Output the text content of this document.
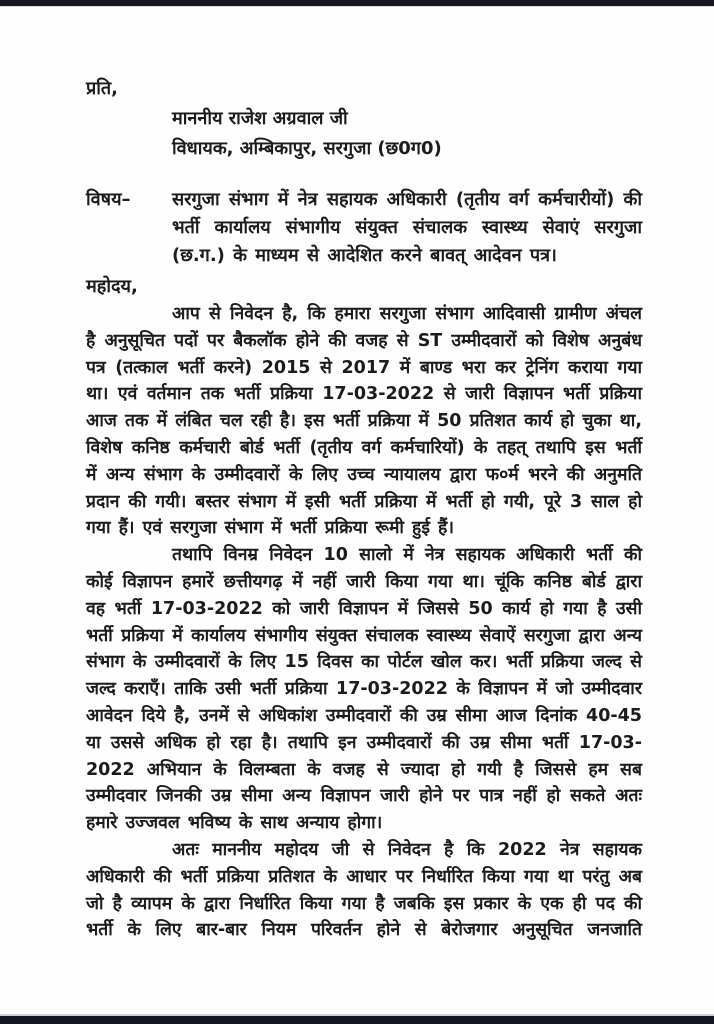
प्रति,
माननीय राजेश अग्रवाल जी
विधायक, अम्बिकापुर, सरगुजा (छ0ग0)
विषय–	सरगुजा संभाग में नेत्र सहायक अधिकारी (तृतीय वर्ग कर्मचारीयों) की भर्ती कार्यालय संभागीय संयुक्त संचालक स्वास्थ्य सेवाएं सरगुजा (छ.ग.) के माध्यम से आदेशित करने बावत् आदेवन पत्र।
महोदय,

आप से निवेदन है, कि हमारा सरगुजा संभाग आदिवासी ग्रामीण अंचल है अनुसूचित पदों पर बैकलॉक होने की वजह से ST उम्मीदवारों को विशेष अनुबंध पत्र (तत्काल भर्ती करने) 2015 से 2017 में बाण्ड भरा कर ट्रेनिंग कराया गया था। एवं वर्तमान तक भर्ती प्रक्रिया 17-03-2022 से जारी विज्ञापन भर्ती प्रक्रिया आज तक में लंबित चल रही है। इस भर्ती प्रक्रिया में 50 प्रतिशत कार्य हो चुका था, विशेष कनिष्ठ कर्मचारी बोर्ड भर्ती (तृतीय वर्ग कर्मचारियों) के तहत् तथापि इस भर्ती में अन्य संभाग के उम्मीदवारों के लिए उच्च न्यायालय द्वारा फ०र्म भरने की अनुमति प्रदान की गयी। बस्तर संभाग में इसी भर्ती प्रक्रिया में भर्ती हो गयी, पूरे 3 साल हो गया हैं। एवं सरगुजा संभाग में भर्ती प्रक्रिया रूमी हुई हैं।

तथापि विनम्र निवेदन 10 सालो में नेत्र सहायक अधिकारी भर्ती की कोई विज्ञापन हमारें छत्तीयगढ़ में नहीं जारी किया गया था। चूंकि कनिष्ठ बोर्ड द्वारा वह भर्ती 17-03-2022 को जारी विज्ञापन में जिससे 50 कार्य हो गया है उसी भर्ती प्रक्रिया में कार्यालय संभागीय संयुक्त संचालक स्वास्थ्य सेवाऐं सरगुजा द्वारा अन्य संभाग के उम्मीदवारों के लिए 15 दिवस का पोर्टल खोल कर। भर्ती प्रक्रिया जल्द से जल्द कराएँ। ताकि उसी भर्ती प्रक्रिया 17-03-2022 के विज्ञापन में जो उम्मीदवार आवेदन दिये है, उनमें से अधिकांश उम्मीदवारों की उम्र सीमा आज दिनांक 40-45 या उससे अधिक हो रहा है। तथापि इन उम्मीदवारों की उम्र सीमा भर्ती 17-03-2022 अभियान के विलम्बता के वजह से ज्यादा हो गयी है जिससे हम सब उम्मीदवार जिनकी उम्र सीमा अन्य विज्ञापन जारी होने पर पात्र नहीं हो सकते अतः हमारे उज्जवल भविष्य के साथ अन्याय होगा।

अतः माननीय महोदय जी से निवेदन है कि 2022 नेत्र सहायक अधिकारी की भर्ती प्रक्रिया प्रतिशत के आधार पर निर्धारित किया गया था परंतु अब जो है व्यापम के द्वारा निर्धारित किया गया है जबकि इस प्रकार के एक ही पद की भर्ती के लिए बार-बार नियम परिवर्तन होने से बेरोजगार अनुसूचित जनजाति
